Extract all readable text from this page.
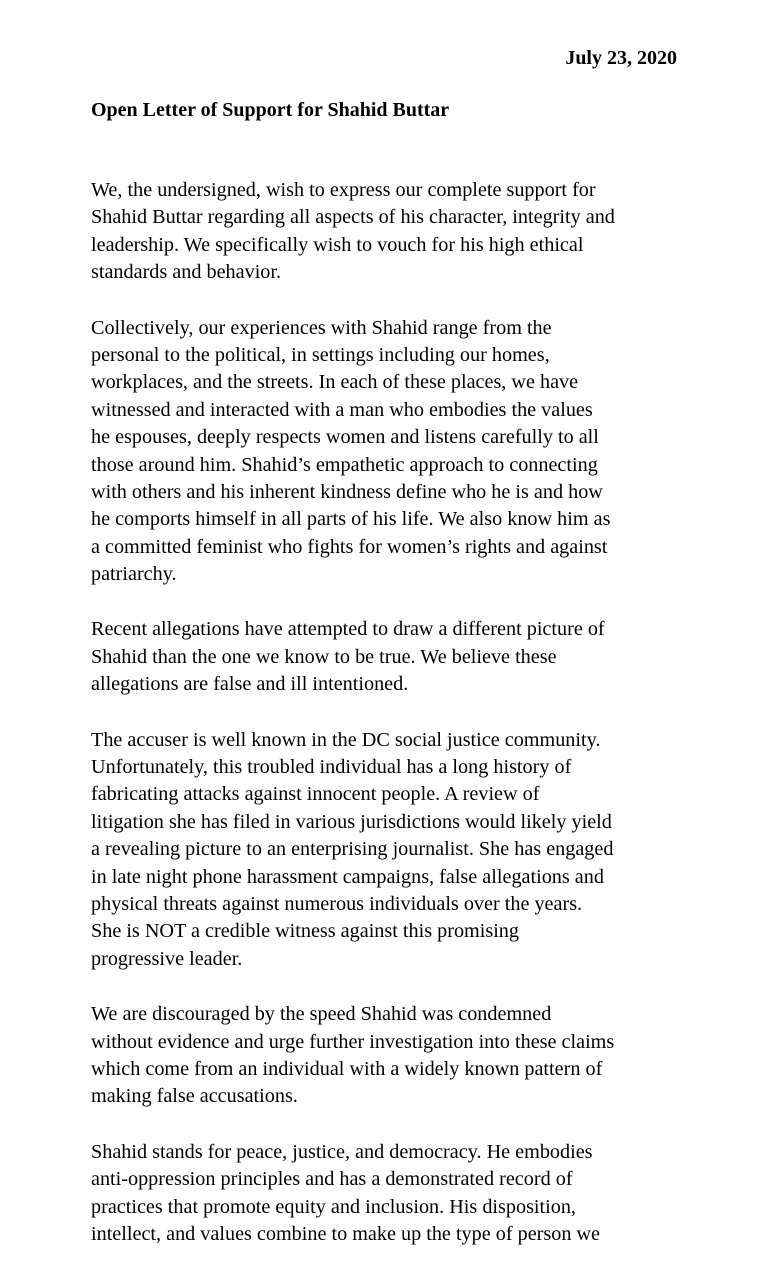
July 23, 2020
Open Letter of Support for Shahid Buttar
We, the undersigned, wish to express our complete support for
Shahid Buttar regarding all aspects of his character, integrity and
leadership. We specifically wish to vouch for his high ethical
standards and behavior.
Collectively, our experiences with Shahid range from the
personal to the political, in settings including our homes,
workplaces, and the streets. In each of these places, we have
witnessed and interacted with a man who embodies the values
he espouses, deeply respects women and listens carefully to all
those around him. Shahid’s empathetic approach to connecting
with others and his inherent kindness define who he is and how
he comports himself in all parts of his life. We also know him as
a committed feminist who fights for women’s rights and against
patriarchy.
Recent allegations have attempted to draw a different picture of
Shahid than the one we know to be true. We believe these
allegations are false and ill intentioned.
The accuser is well known in the DC social justice community.
Unfortunately, this troubled individual has a long history of
fabricating attacks against innocent people. A review of
litigation she has filed in various jurisdictions would likely yield
a revealing picture to an enterprising journalist. She has engaged
in late night phone harassment campaigns, false allegations and
physical threats against numerous individuals over the years.
She is NOT a credible witness against this promising
progressive leader.
We are discouraged by the speed Shahid was condemned
without evidence and urge further investigation into these claims
which come from an individual with a widely known pattern of
making false accusations.
Shahid stands for peace, justice, and democracy. He embodies
anti-oppression principles and has a demonstrated record of
practices that promote equity and inclusion. His disposition,
intellect, and values combine to make up the type of person we
